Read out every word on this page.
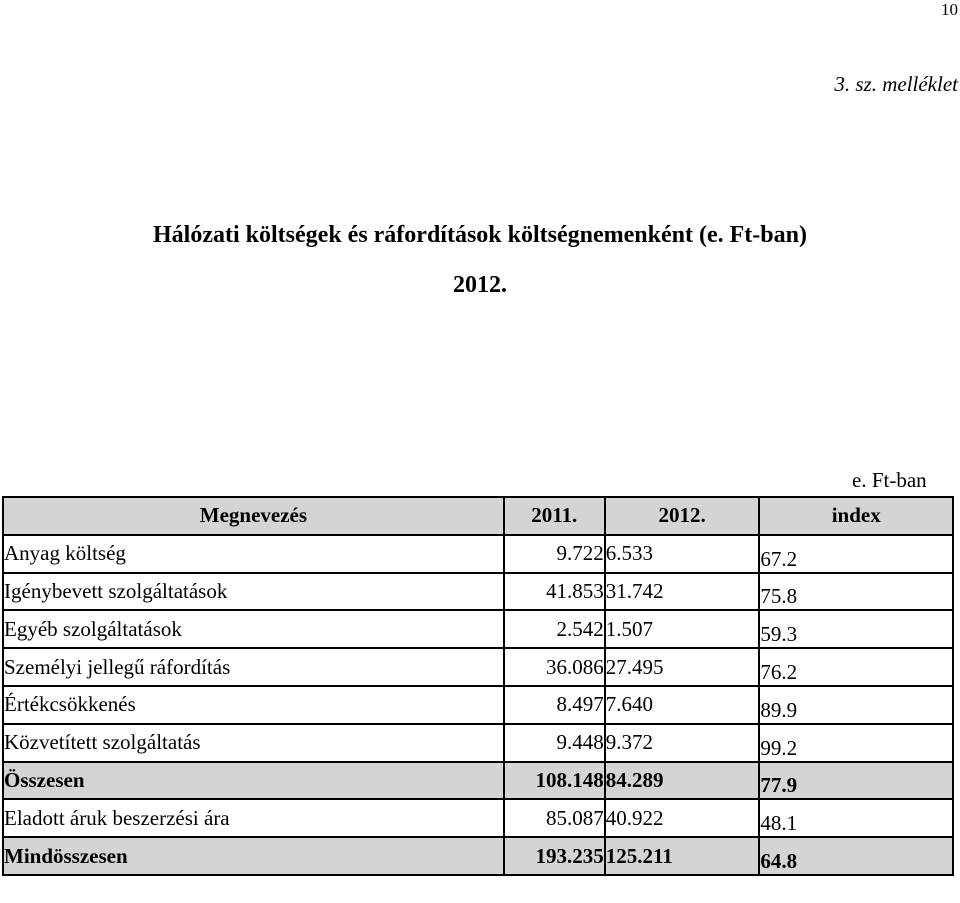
10
3. sz. melléklet
Hálózati költségek és ráfordítások költségnemenként (e. Ft-ban)
2012.
e. Ft-ban
Megnevezés	2011.	2012.	index
Anyag költség	9.722	6.533	67.2
Igénybevett szolgáltatások	41.853	31.742	75.8
Egyéb szolgáltatások	2.542	1.507	59.3
Személyi jellegű ráfordítás	36.086	27.495	76.2
Értékcsökkenés	8.497	7.640	89.9
Közvetített szolgáltatás	9.448	9.372	99.2
Összesen	108.148	84.289	77.9
Eladott áruk beszerzési ára	85.087	40.922	48.1
Mindösszesen	193.235	125.211	64.8
